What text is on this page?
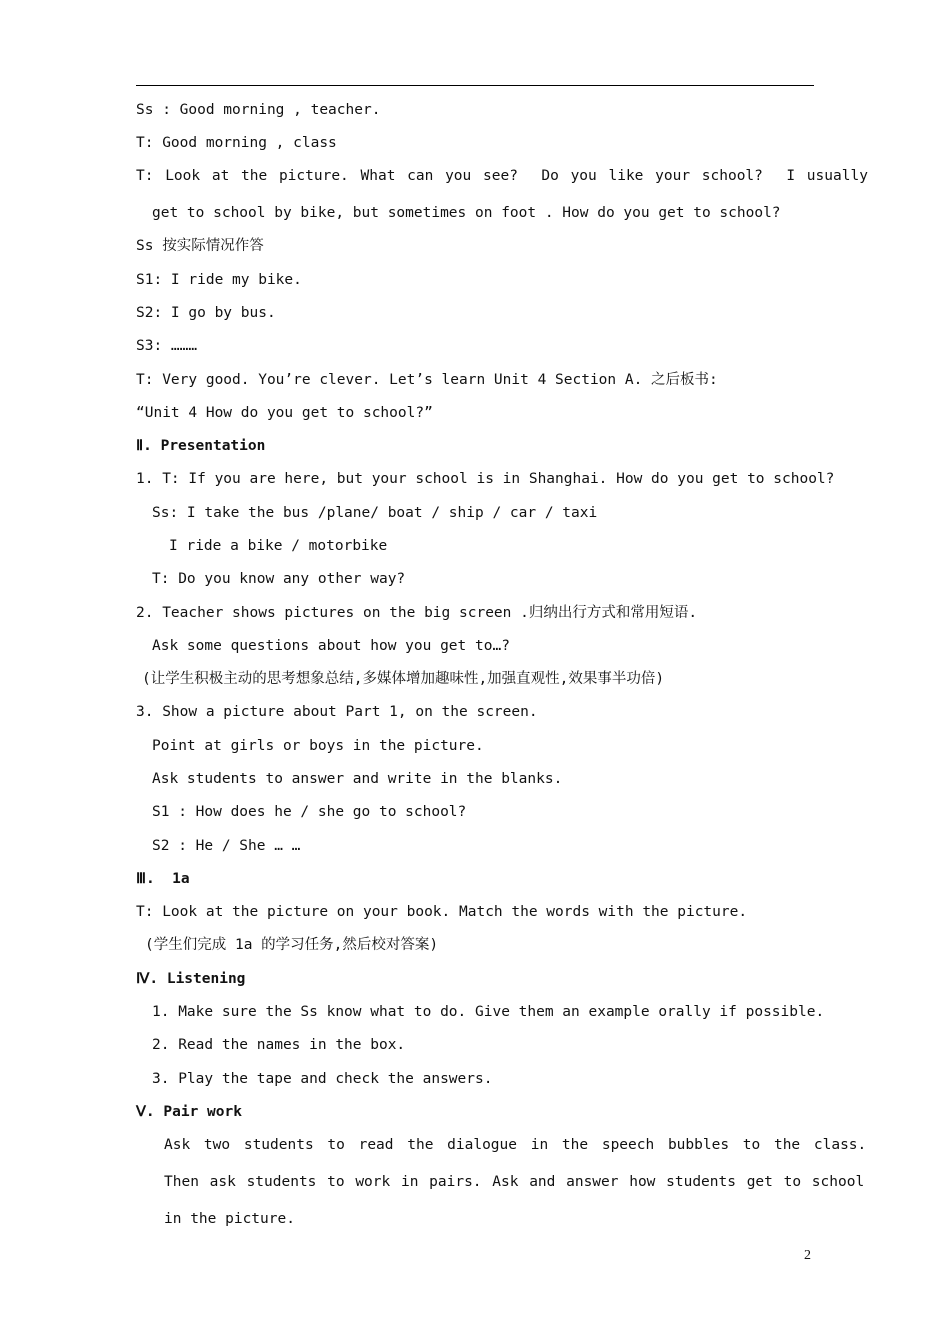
Ss : Good morning , teacher.
T: Good morning , class
T: Look at the picture. What can you see?  Do you like your school?  I usually
get to school by bike, but sometimes on foot . How do you get to school?
Ss 按实际情况作答
S1: I ride my bike.
S2: I go by bus.
S3: ………
T: Very good. You’re clever. Let’s learn Unit 4 Section A. 之后板书:
“Unit 4 How do you get to school?”
Ⅱ. Presentation
1. T: If you are here, but your school is in Shanghai. How do you get to school?
Ss: I take the bus /plane/ boat / ship / car / taxi
I ride a bike / motorbike
T: Do you know any other way?
2. Teacher shows pictures on the big screen .归纳出行方式和常用短语.
Ask some questions about how you get to…?
(让学生积极主动的思考想象总结,多媒体增加趣味性,加强直观性,效果事半功倍)
3. Show a picture about Part 1, on the screen.
Point at girls or boys in the picture.
Ask students to answer and write in the blanks.
S1 : How does he / she go to school?
S2 : He / She … …
Ⅲ.  1a
T: Look at the picture on your book. Match the words with the picture.
(学生们完成 1a 的学习任务,然后校对答案)
Ⅳ. Listening
1. Make sure the Ss know what to do. Give them an example orally if possible.
2. Read the names in the box.
3. Play the tape and check the answers.
Ⅴ. Pair work
Ask two students to read the dialogue in the speech bubbles to the class.
Then ask students to work in pairs. Ask and answer how students get to school
in the picture.
2
